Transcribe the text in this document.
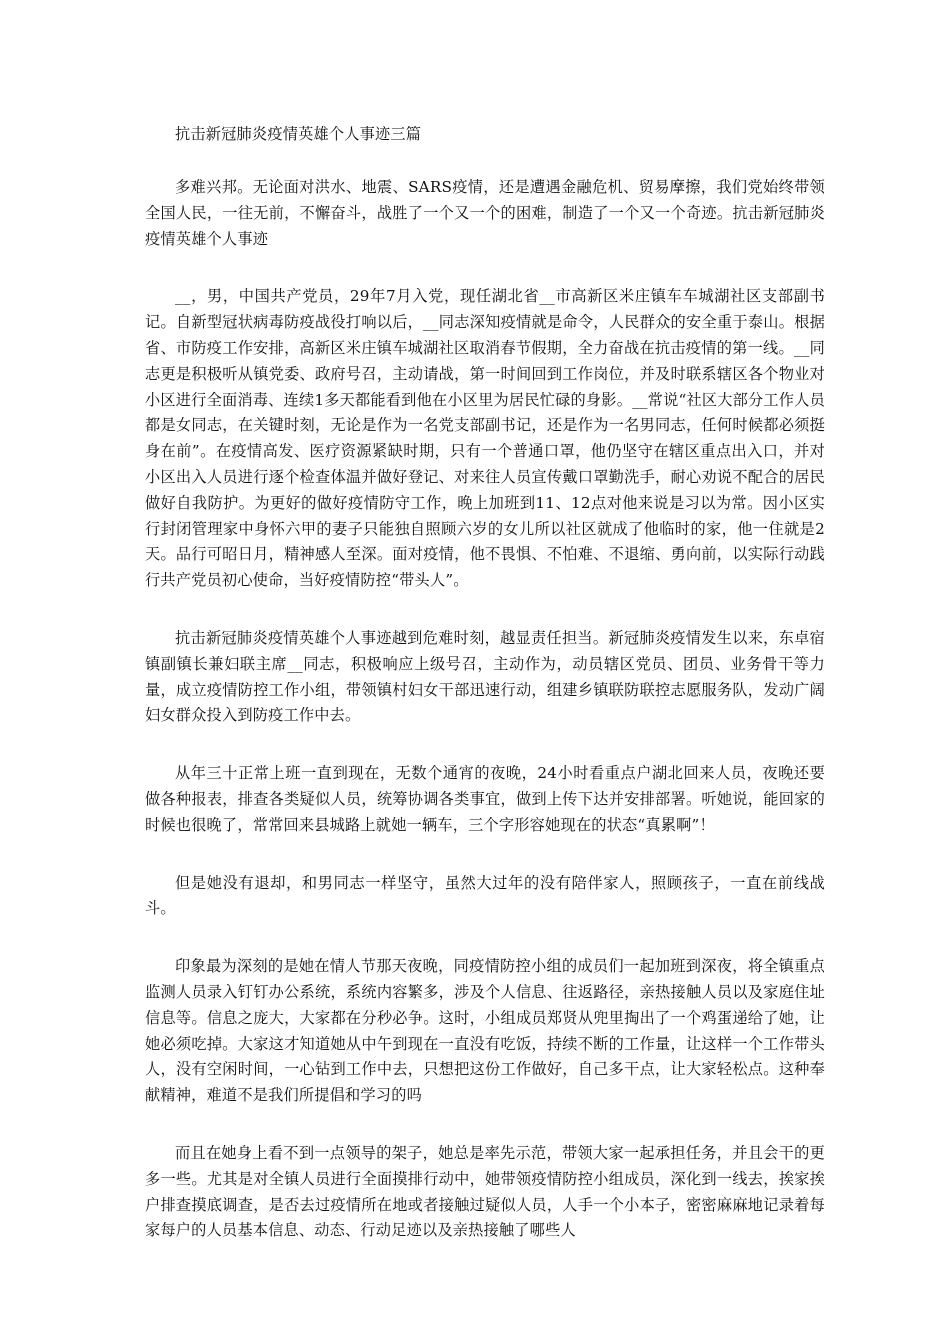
抗击新冠肺炎疫情英雄个人事迹三篇

多难兴邦。无论面对洪水、地震、SARS疫情，还是遭遇金融危机、贸易摩擦，我们党始终带领全国人民，一往无前，不懈奋斗，战胜了一个又一个的困难，制造了一个又一个奇迹。抗击新冠肺炎疫情英雄个人事迹

__，男，中国共产党员，29年7月入党，现任湖北省__市高新区米庄镇车车城湖社区支部副书记。自新型冠状病毒防疫战役打响以后，__同志深知疫情就是命令，人民群众的安全重于泰山。根据省、市防疫工作安排，高新区米庄镇车城湖社区取消春节假期，全力奋战在抗击疫情的第一线。__同志更是积极听从镇党委、政府号召，主动请战，第一时间回到工作岗位，并及时联系辖区各个物业对小区进行全面消毒、连续1多天都能看到他在小区里为居民忙碌的身影。__常说“社区大部分工作人员都是女同志，在关键时刻，无论是作为一名党支部副书记，还是作为一名男同志，任何时候都必须挺身在前”。在疫情高发、医疗资源紧缺时期，只有一个普通口罩，他仍坚守在辖区重点出入口，并对小区出入人员进行逐个检查体温并做好登记、对来往人员宣传戴口罩勤洗手，耐心劝说不配合的居民做好自我防护。为更好的做好疫情防守工作，晚上加班到11、12点对他来说是习以为常。因小区实行封闭管理家中身怀六甲的妻子只能独自照顾六岁的女儿所以社区就成了他临时的家，他一住就是2天。品行可昭日月，精神感人至深。面对疫情，他不畏惧、不怕难、不退缩、勇向前，以实际行动践行共产党员初心使命，当好疫情防控“带头人”。

抗击新冠肺炎疫情英雄个人事迹越到危难时刻，越显责任担当。新冠肺炎疫情发生以来，东卓宿镇副镇长兼妇联主席__同志，积极响应上级号召，主动作为，动员辖区党员、团员、业务骨干等力量，成立疫情防控工作小组，带领镇村妇女干部迅速行动，组建乡镇联防联控志愿服务队，发动广阔妇女群众投入到防疫工作中去。

从年三十正常上班一直到现在，无数个通宵的夜晚，24小时看重点户湖北回来人员，夜晚还要做各种报表，排查各类疑似人员，统筹协调各类事宜，做到上传下达并安排部署。听她说，能回家的时候也很晚了，常常回来县城路上就她一辆车，三个字形容她现在的状态“真累啊”！

但是她没有退却，和男同志一样坚守，虽然大过年的没有陪伴家人，照顾孩子，一直在前线战斗。

印象最为深刻的是她在情人节那天夜晚，同疫情防控小组的成员们一起加班到深夜，将全镇重点监测人员录入钉钉办公系统，系统内容繁多，涉及个人信息、往返路径，亲热接触人员以及家庭住址信息等。信息之庞大，大家都在分秒必争。这时，小组成员郑贤从兜里掏出了一个鸡蛋递给了她，让她必须吃掉。大家这才知道她从中午到现在一直没有吃饭，持续不断的工作量，让这样一个工作带头人，没有空闲时间，一心钻到工作中去，只想把这份工作做好，自己多干点，让大家轻松点。这种奉献精神，难道不是我们所提倡和学习的吗

而且在她身上看不到一点领导的架子，她总是率先示范，带领大家一起承担任务，并且会干的更多一些。尤其是对全镇人员进行全面摸排行动中，她带领疫情防控小组成员，深化到一线去，挨家挨户排查摸底调查，是否去过疫情所在地或者接触过疑似人员，人手一个小本子，密密麻麻地记录着每家每户的人员基本信息、动态、行动足迹以及亲热接触了哪些人
